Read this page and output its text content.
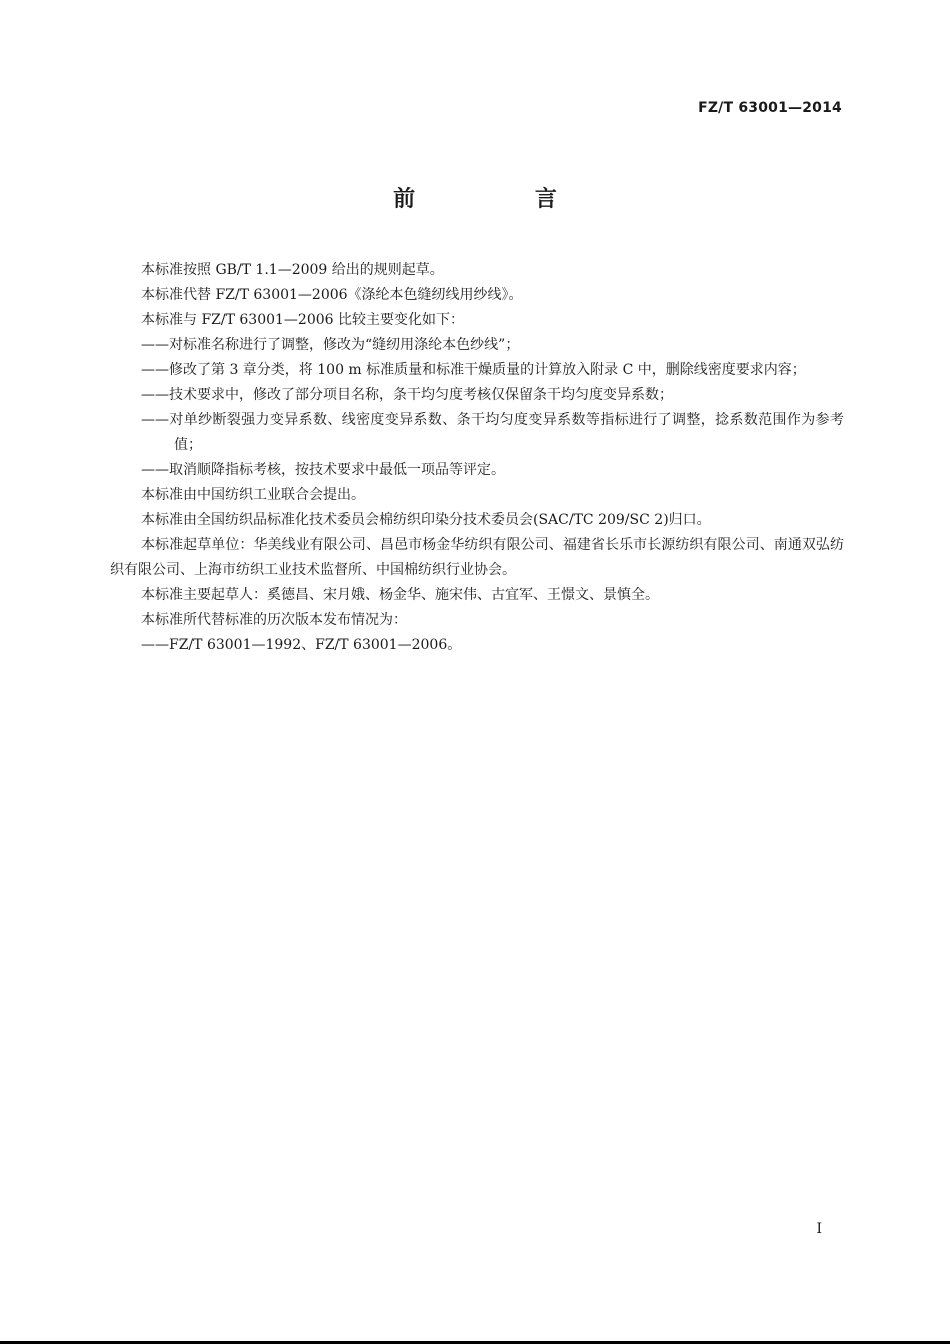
FZ/T 63001—2014
前 言

本标准按照 GB/T 1.1—2009 给出的规则起草。

本标准代替 FZ/T 63001—2006《涤纶本色缝纫线用纱线》。

本标准与 FZ/T 63001—2006 比较主要变化如下：

——对标准名称进行了调整，修改为“缝纫用涤纶本色纱线”；

——修改了第 3 章分类，将 100 m 标准质量和标准干燥质量的计算放入附录 C 中，删除线密度要求内容；

——技术要求中，修改了部分项目名称，条干均匀度考核仅保留条干均匀度变异系数；

——对单纱断裂强力变异系数、线密度变异系数、条干均匀度变异系数等指标进行了调整，捻系数范围作为参考值；

——取消顺降指标考核，按技术要求中最低一项品等评定。

本标准由中国纺织工业联合会提出。

本标准由全国纺织品标准化技术委员会棉纺织印染分技术委员会(SAC/TC 209/SC 2)归口。

本标准起草单位：华美线业有限公司、昌邑市杨金华纺织有限公司、福建省长乐市长源纺织有限公司、南通双弘纺织有限公司、上海市纺织工业技术监督所、中国棉纺织行业协会。

本标准主要起草人：奚德昌、宋月娥、杨金华、施宋伟、古宜军、王憬文、景慎全。

本标准所代替标准的历次版本发布情况为：

——FZ/T 63001—1992、FZ/T 63001—2006。

I
